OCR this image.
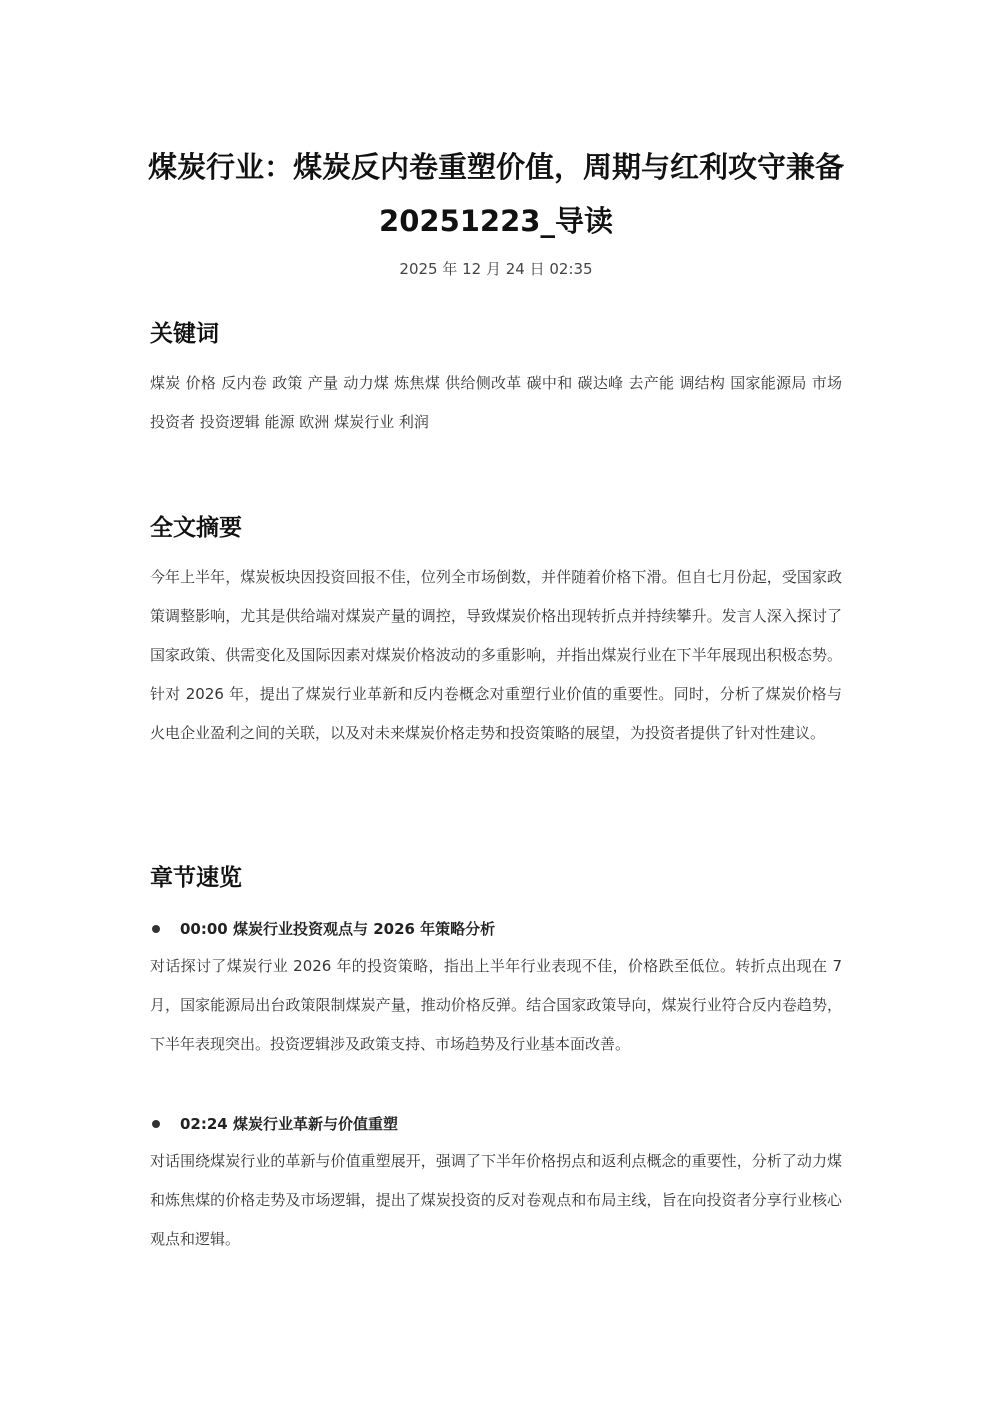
煤炭行业：煤炭反内卷重塑价值，周期与红利攻守兼备 20251223_导读

2025 年 12 月 24 日 02:35

关键词

煤炭 价格 反内卷 政策 产量 动力煤 炼焦煤 供给侧改革 碳中和 碳达峰 去产能 调结构 国家能源局 市场 投资者 投资逻辑 能源 欧洲 煤炭行业 利润

全文摘要

今年上半年，煤炭板块因投资回报不佳，位列全市场倒数，并伴随着价格下滑。但自七月份起，受国家政策调整影响，尤其是供给端对煤炭产量的调控，导致煤炭价格出现转折点并持续攀升。发言人深入探讨了国家政策、供需变化及国际因素对煤炭价格波动的多重影响，并指出煤炭行业在下半年展现出积极态势。针对 2026 年，提出了煤炭行业革新和反内卷概念对重塑行业价值的重要性。同时，分析了煤炭价格与火电企业盈利之间的关联，以及对未来煤炭价格走势和投资策略的展望，为投资者提供了针对性建议。

章节速览
00:00 煤炭行业投资观点与 2026 年策略分析

对话探讨了煤炭行业 2026 年的投资策略，指出上半年行业表现不佳，价格跌至低位。转折点出现在 7 月，国家能源局出台政策限制煤炭产量，推动价格反弹。结合国家政策导向，煤炭行业符合反内卷趋势，下半年表现突出。投资逻辑涉及政策支持、市场趋势及行业基本面改善。

02:24 煤炭行业革新与价值重塑

对话围绕煤炭行业的革新与价值重塑展开，强调了下半年价格拐点和返利点概念的重要性，分析了动力煤和炼焦煤的价格走势及市场逻辑，提出了煤炭投资的反对卷观点和布局主线，旨在向投资者分享行业核心观点和逻辑。
